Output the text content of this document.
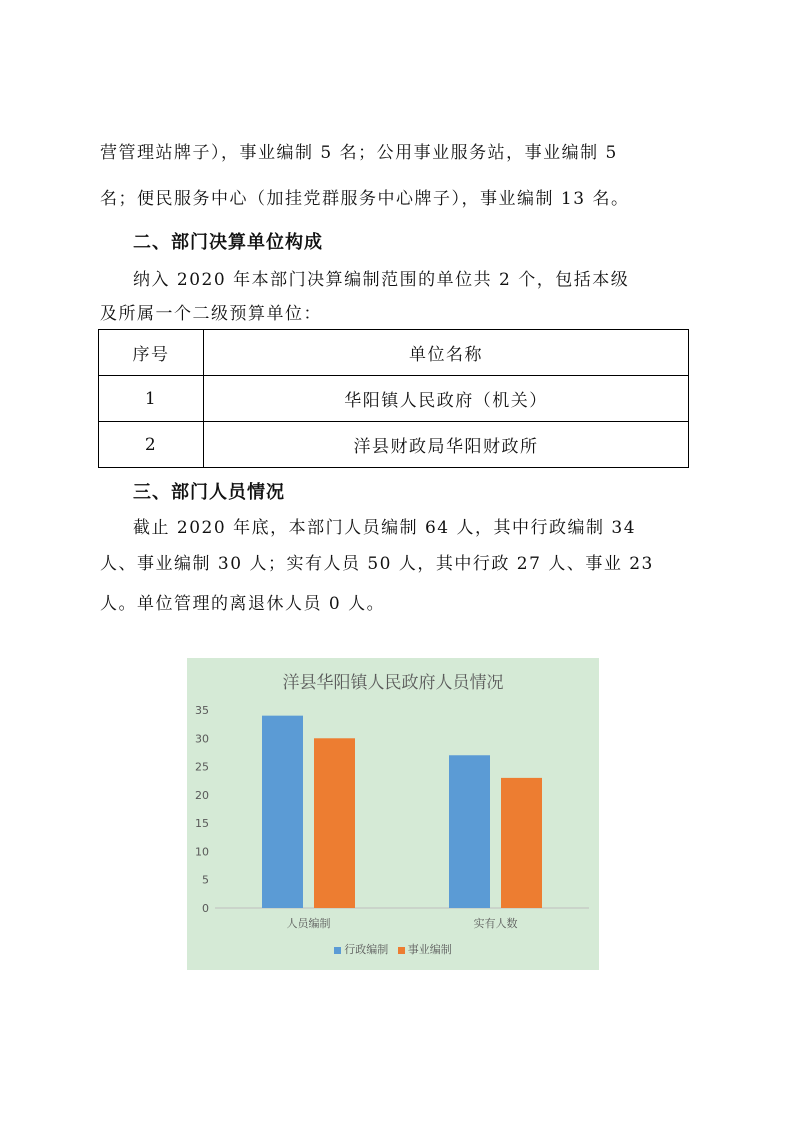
营管理站牌子），事业编制 5 名；公用事业服务站，事业编制 5
名；便民服务中心（加挂党群服务中心牌子），事业编制 13 名。
二、部门决算单位构成
纳入 2020 年本部门决算编制范围的单位共 2 个，包括本级
及所属一个二级预算单位：
序号	单位名称
1	华阳镇人民政府（机关）
2	洋县财政局华阳财政所
三、部门人员情况
截止 2020 年底，本部门人员编制 64 人，其中行政编制 34
人、事业编制 30 人；实有人员 50 人，其中行政 27 人、事业 23
人。单位管理的离退休人员 0 人。
洋县华阳镇人民政府人员情况
0
5
10
15
20
25
30
35
人员编制	实有人数
行政编制 事业编制
